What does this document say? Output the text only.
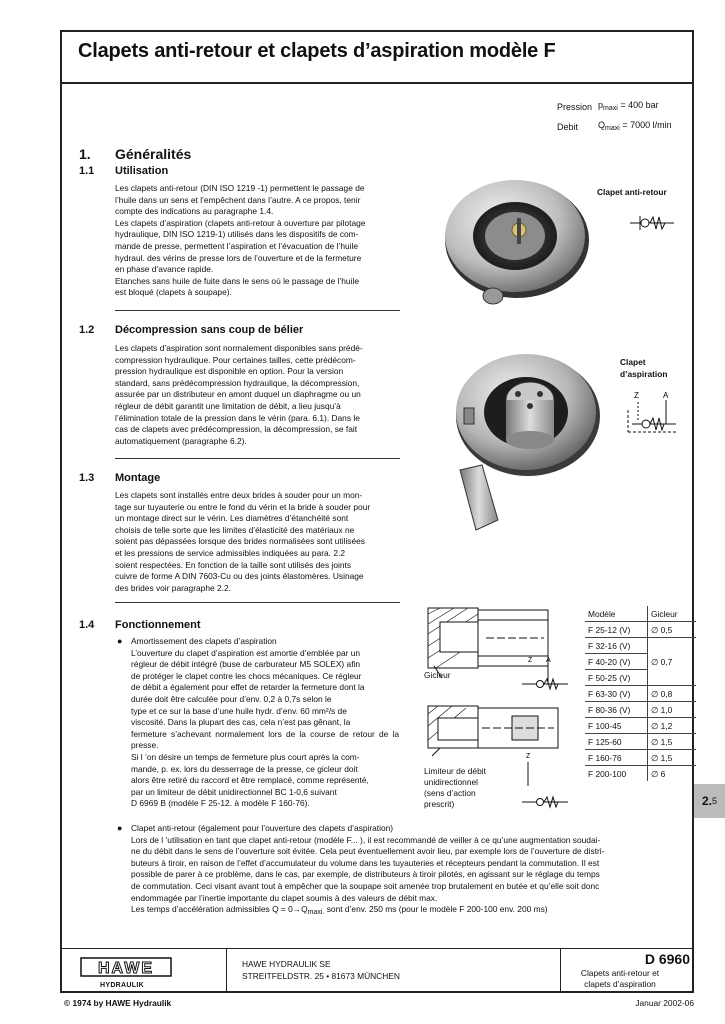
Clapets anti-retour et clapets d’aspiration modèle F
Pression	$p_{maxi} = 400$ bar
Debit	$Q_{maxi} = 7000$ l/min
1. Généralités
1.1 Utilisation
Les clapets anti-retour (DIN ISO 1219 -1) permettent le passage de
l’huile dans un sens et l’empêchent dans l’autre. A ce propos, tenir
compte des indications au paragraphe 1.4.
Les clapets d’aspiration (clapets anti-retour à ouverture par pilotage
hydraulique, DIN ISO 1219-1) utilisés dans les dispositifs de com-
mande de presse, permettent l’aspiration et l’évacuation de l’huile
hydraul. des vérins de presse lors de l’ouverture et de la fermeture
en phase d’avance rapide.
Etanches sans huile de fuite dans le sens où le passage de l’huile
est bloqué (clapets à soupape).
1.2 Décompression sans coup de bélier
Les clapets d’aspiration sont normalement disponibles sans prédé-
compression hydraulique. Pour certaines tailles, cette prédécom-
pression hydraulique est disponible en option. Pour la version
standard, sans prédécompression hydraulique, la décompression,
assurée par un distributeur en amont duquel un diaphragme ou un
régleur de débit garantit une limitation de débit, a lieu jusqu’à
l’élimination totale de la pression dans le vérin (para. 6.1). Dans le
cas de clapets avec prédécompression, la décompression, se fait
automatiquement (paragraphe 6.2).
1.3 Montage
Les clapets sont installés entre deux brides à souder pour un mon-
tage sur tuyauterie ou entre le fond du vérin et la bride à souder pour
un montage direct sur le vérin. Les diamètres d’étanchéité sont
choisis de telle sorte que les limites d’élasticité des matériaux ne
soient pas dépassées lorsque des brides normalisées sont utilisées
et les pressions de service admissibles indiquées au para. 2.2
soient respectées. En fonction de la taille sont utilisés des joints
cuivre de forme A DIN 7603-Cu ou des joints élastomères. Usinage
des brides voir paragraphe 2.2.
1.4 Fonctionnement
● Amortissement des clapets d’aspiration
L’ouverture du clapet d’aspiration est amortie d’emblée par un
régleur de débit intégré (buse de carburateur M5 SOLEX) afin
de protéger le clapet contre les chocs mécaniques. Ce régleur
de débit a également pour effet de retarder la fermeture dont la
durée doit être calculée pour d’env. 0,2 à 0,7s selon le
type et ce sur la base d’une huile hydr. d’env. 60 mm²/s de
viscosité. Dans la plupart des cas, cela n’est pas gênant, la
fermeture s’achevant normalement lors de la course de retour de la presse.
Si l ’on désire un temps de fermeture plus court après la com-
mande, p. ex. lors du desserrage de la presse, ce gicleur doit
alors être retiré du raccord et être remplacé, comme représenté,
par un limiteur de débit unidirectionnel BC 1-0,6 suivant
D 6969 B (modèle F 25-12. à modèle F 160-76).
● Clapet anti-retour (également pour l’ouverture des clapets d’aspiration)
Lors de l ’utilisation en tant que clapet anti-retour (modèle F... ), il est recommandé de veiller à ce qu’une augmentation soudai-
ne du débit dans le sens de l’ouverture soit évitée. Cela peut éventuellement avoir lieu, par exemple lors de l’ouverture de distri-
buteurs à tiroir, en raison de l’effet d’accumulateur du volume dans les tuyauteries et récepteurs pendant la commutation. Il est
possible de parer à ce problème, dans le cas, par exemple, de distributeurs à tiroir pilotés, en agissant sur le réglage du temps
de commutation. Ceci visant avant tout à empêcher que la soupape soit amenée trop brutalement en butée et qu’elle soit donc
endommagée par l’inertie importante du clapet soumis à des valeurs de débit max.
Les temps d’accélération admissibles $Q = 0\to Q_{maxi.}$ sont d’env. 250 ms (pour le modèle F 200-100 env. 200 ms)
Clapet anti-retour
Clapet
d’aspiration
Z	A
Z A
Z
Gicleur
Limiteur de débit
unidirectionnel
(sens d’action
prescrit)
Modèle	Gicleur
F 25-12 (V)	∅ 0,5
F 32-16 (V)	∅ 0,7
F 40-20 (V)	
F 50-25 (V)	
F 63-30 (V)	∅ 0,8
F 80-36 (V)	∅ 1,0
F 100-45	∅ 1,2
F 125-60	∅ 1,5
F 160-76	∅ 1,5
F 200-100	∅ 6
2. 5
HAWE
HYDRAULIK
HAWE HYDRAULIK SE
STREITFELDSTR. 25 • 81673 MÜNCHEN
D 6960
Clapets anti-retour et
clapets d’aspiration
© 1974 by HAWE Hydraulik	Januar 2002-06
